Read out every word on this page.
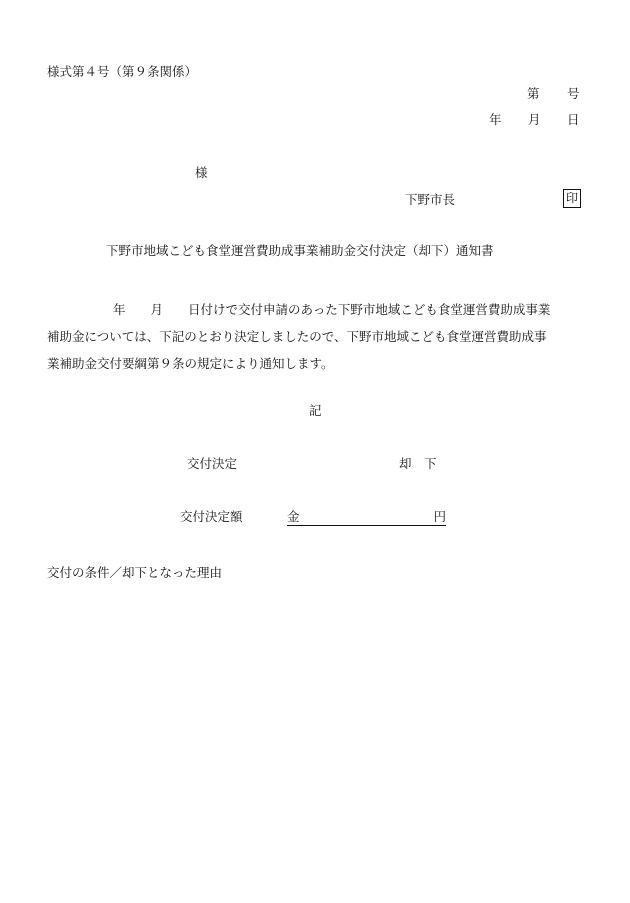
様式第４号（第９条関係）
第 号
年 月 日
様
下野市長	印
下野市地域こども食堂運営費助成事業補助金交付決定（却下）通知書
年 月 日付けで交付申請のあった下野市地域こども食堂運営費助成事業
補助金については、下記のとおり決定しましたので、下野市地域こども食堂運営費助成事
業補助金交付要綱第９条の規定により通知します。
記
交付決定	却　下
交付決定額	金	円
交付の条件／却下となった理由
